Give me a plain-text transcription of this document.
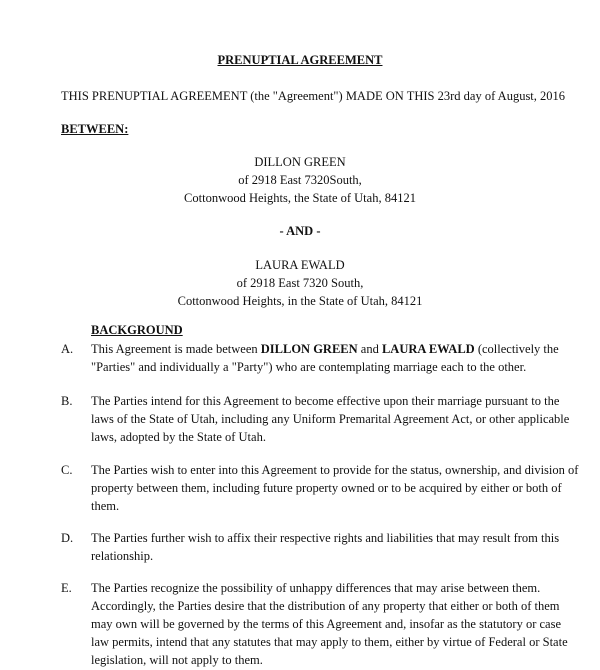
PRENUPTIAL AGREEMENT
THIS PRENUPTIAL AGREEMENT (the "Agreement") MADE ON THIS 23rd day of August, 2016
BETWEEN:
DILLON GREEN
of 2918 East 7320South,
Cottonwood Heights, the State of Utah, 84121
- AND -
LAURA EWALD
of 2918 East 7320 South,
Cottonwood Heights, in the State of Utah, 84121
BACKGROUND
A. This Agreement is made between DILLON GREEN and LAURA EWALD (collectively the
"Parties" and individually a "Party") who are contemplating marriage each to the other.
B. The Parties intend for this Agreement to become effective upon their marriage pursuant to the
laws of the State of Utah, including any Uniform Premarital Agreement Act, or other applicable
laws, adopted by the State of Utah.
C. The Parties wish to enter into this Agreement to provide for the status, ownership, and division of
property between them, including future property owned or to be acquired by either or both of
them.
D. The Parties further wish to affix their respective rights and liabilities that may result from this
relationship.
E. The Parties recognize the possibility of unhappy differences that may arise between them.
Accordingly, the Parties desire that the distribution of any property that either or both of them
may own will be governed by the terms of this Agreement and, insofar as the statutory or case
law permits, intend that any statutes that may apply to them, either by virtue of Federal or State
legislation, will not apply to them.
